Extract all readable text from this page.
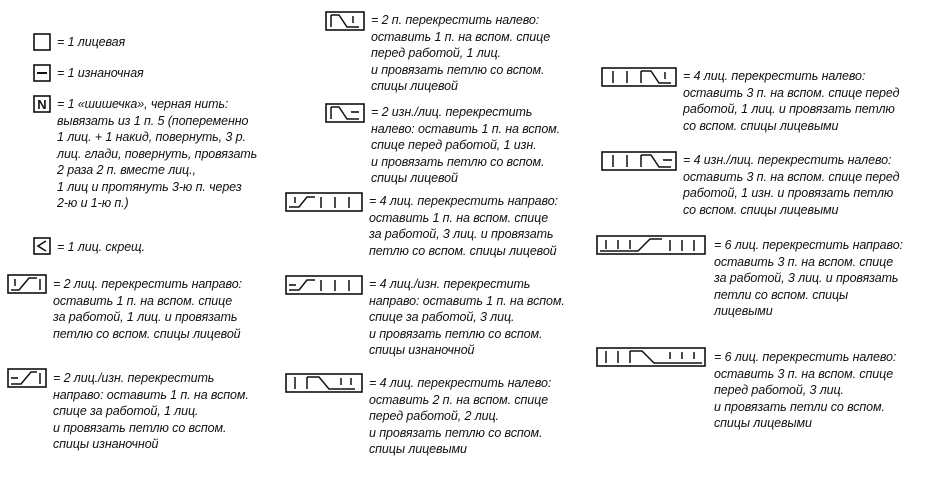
= 1 лицевая
= 1 изнаночная
N = 1 «шишечка», черная нить:
вывязать из 1 п. 5 (попеременно
1 лиц. + 1 накид, повернуть, 3 р.
лиц. глади, повернуть, провязать
2 раза 2 п. вместе лиц.,
1 лиц и протянуть 3-ю п. через
2-ю и 1-ю п.)
= 1 лиц. скрещ.
= 2 лиц. перекрестить направо:
оставить 1 п. на вспом. спице
за работой, 1 лиц. и провязать
петлю со вспом. спицы лицевой
= 2 лиц./изн. перекрестить
направо: оставить 1 п. на вспом.
спице за работой, 1 лиц.
и провязать петлю со вспом.
спицы изнаночной
= 2 п. перекрестить налево:
оставить 1 п. на вспом. спице
перед работой, 1 лиц.
и провязать петлю со вспом.
спицы лицевой
= 2 изн./лиц. перекрестить
налево: оставить 1 п. на вспом.
спице перед работой, 1 изн.
и провязать петлю со вспом.
спицы лицевой
= 4 лиц. перекрестить направо:
оставить 1 п. на вспом. спице
за работой, 3 лиц. и провязать
петлю со вспом. спицы лицевой
= 4 лиц./изн. перекрестить
направо: оставить 1 п. на вспом.
спице за работой, 3 лиц.
и провязать петлю со вспом.
спицы изнаночной
= 4 лиц. перекрестить налево:
оставить 2 п. на вспом. спице
перед работой, 2 лиц.
и провязать петлю со вспом.
спицы лицевыми
= 4 лиц. перекрестить налево:
оставить 3 п. на вспом. спице перед
работой, 1 лиц. и провязать петлю
со вспом. спицы лицевыми
= 4 изн./лиц. перекрестить налево:
оставить 3 п. на вспом. спице перед
работой, 1 изн. и провязать петлю
со вспом. спицы лицевыми
= 6 лиц. перекрестить направо:
оставить 3 п. на вспом. спице
за работой, 3 лиц. и провязать
петли со вспом. спицы
лицевыми
= 6 лиц. перекрестить налево:
оставить 3 п. на вспом. спице
перед работой, 3 лиц.
и провязать петли со вспом.
спицы лицевыми
